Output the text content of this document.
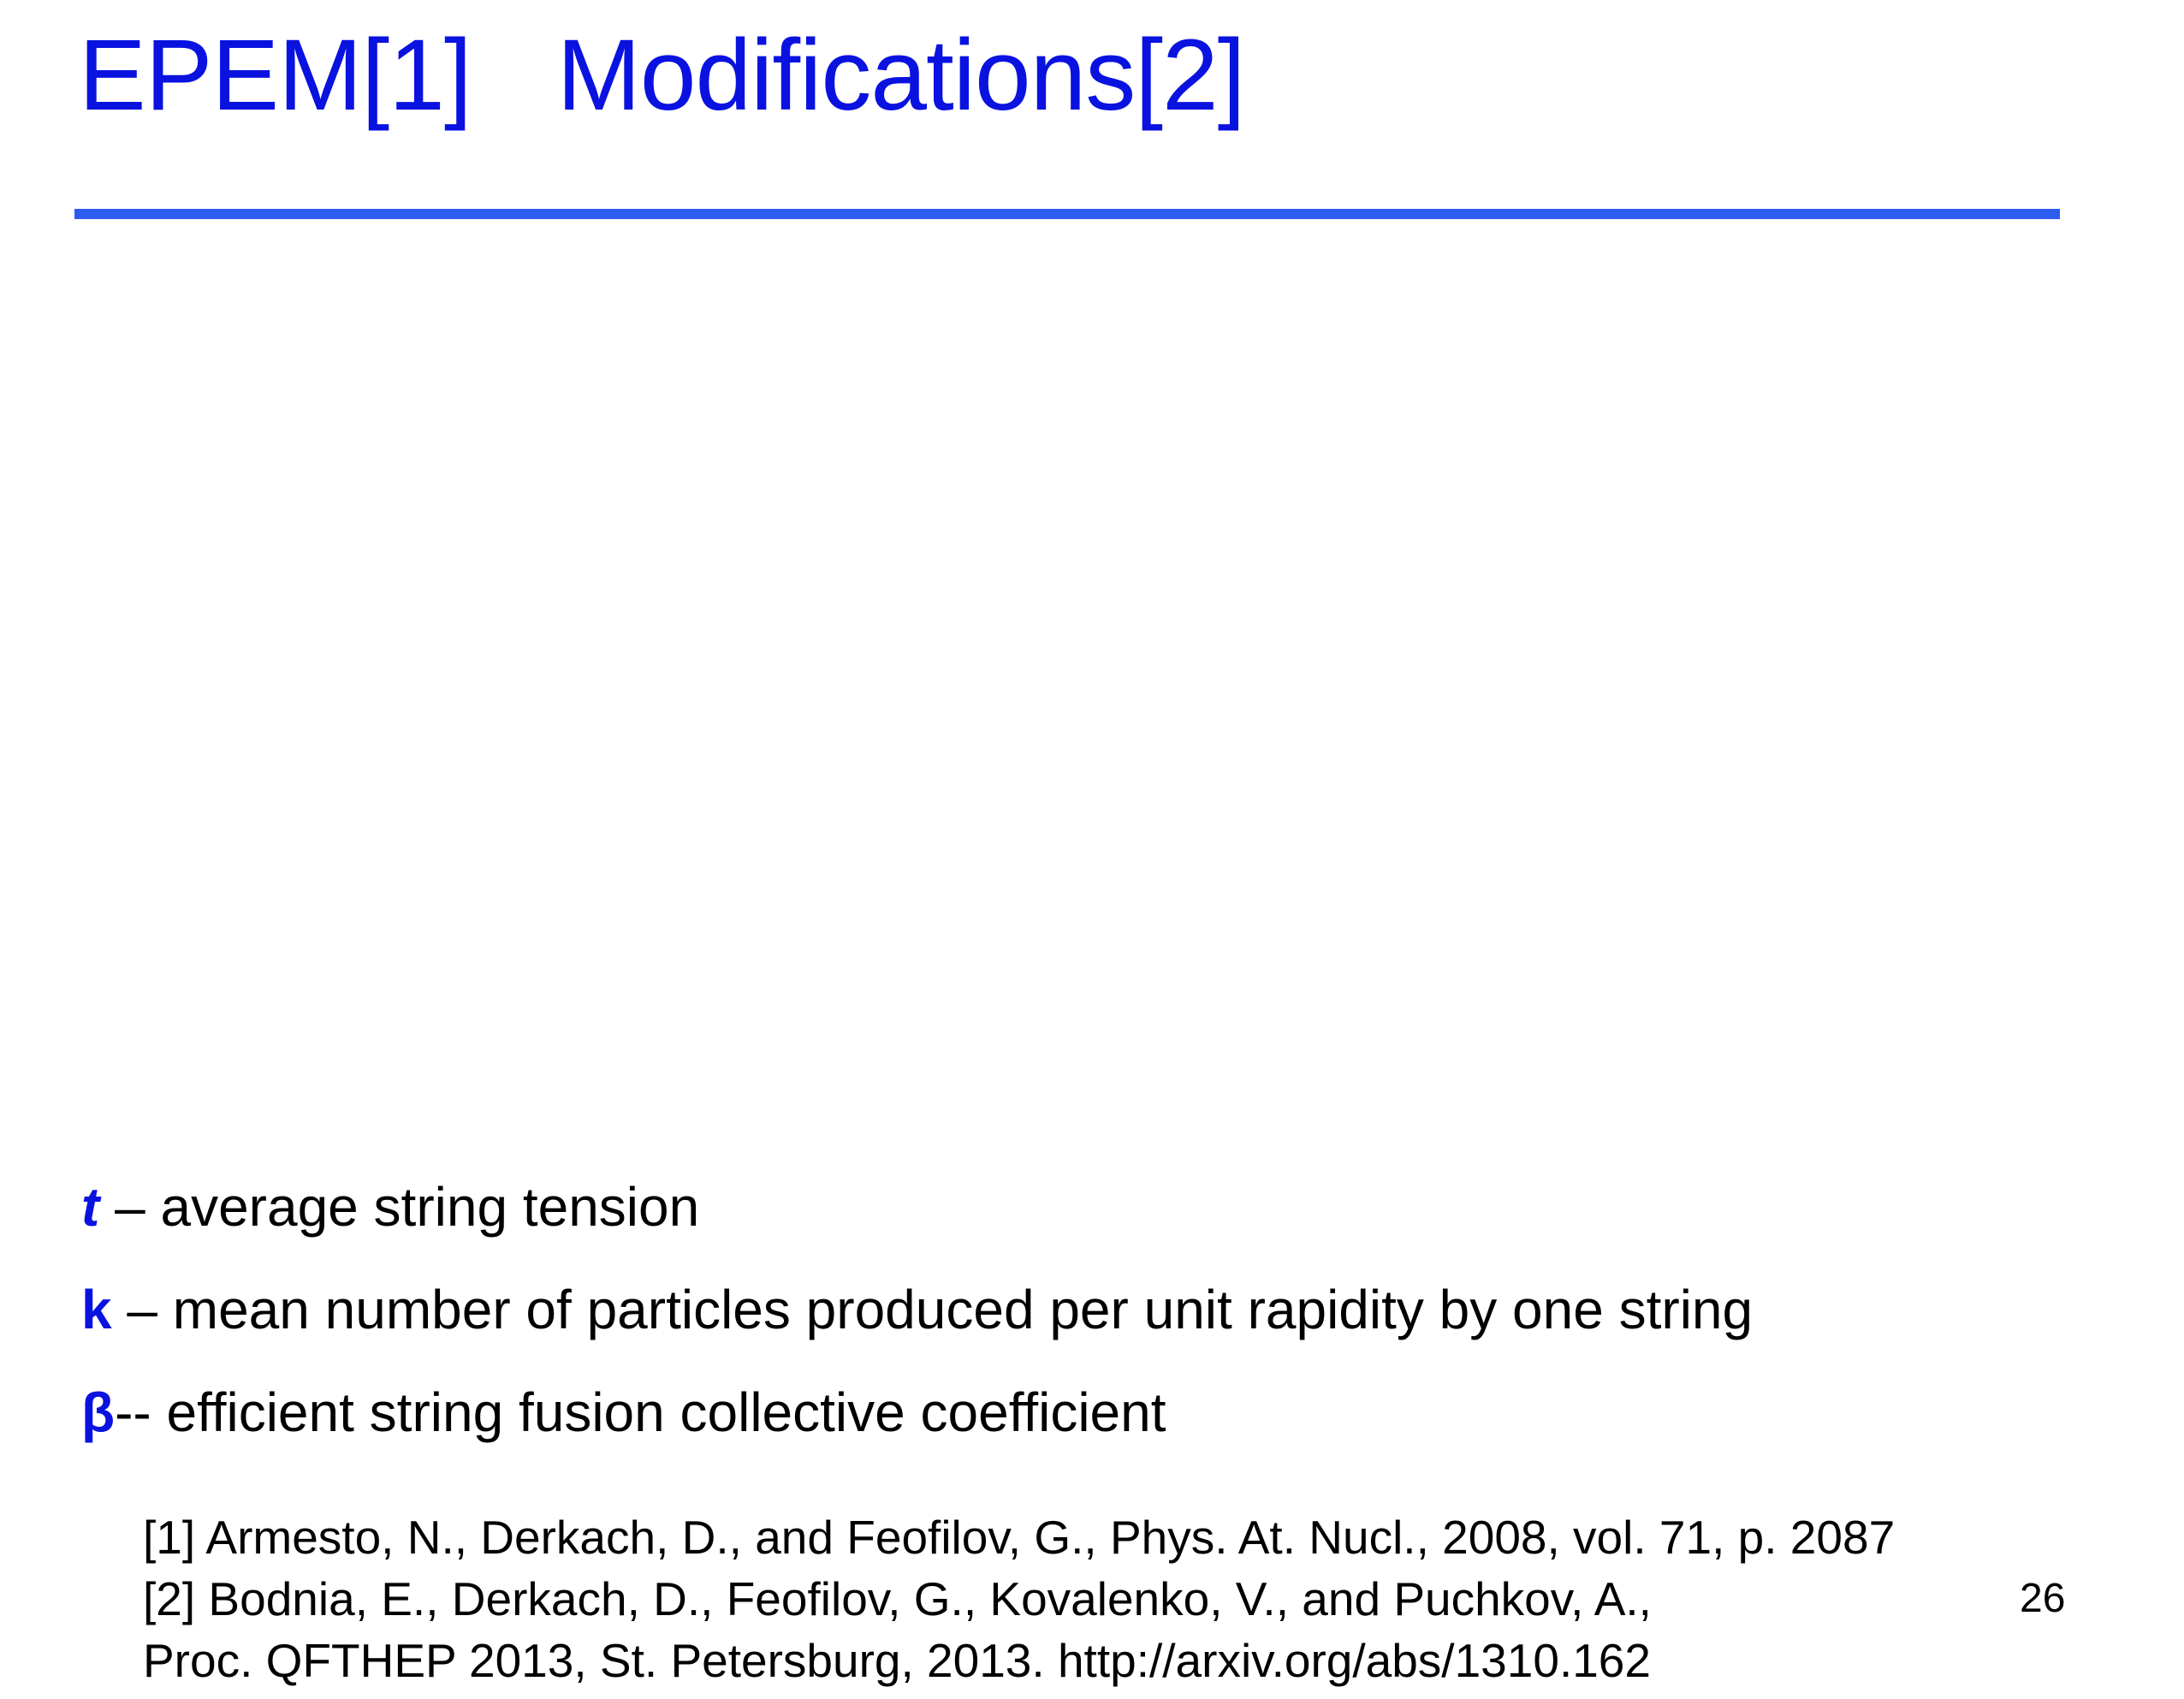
EPEM[1] Modifications[2]
t – average string tension
k – mean number of particles produced per unit rapidity by one string
β-- efficient string fusion collective coefficient
[1] Armesto, N., Derkach, D., and Feofilov, G., Phys. At. Nucl., 2008, vol. 71, p. 2087
[2] Bodnia, E., Derkach, D., Feofilov, G., Kovalenko, V., and Puchkov, A.,
Proc. QFTHEP 2013, St. Petersburg, 2013. http://arxiv.org/abs/1310.162
26
